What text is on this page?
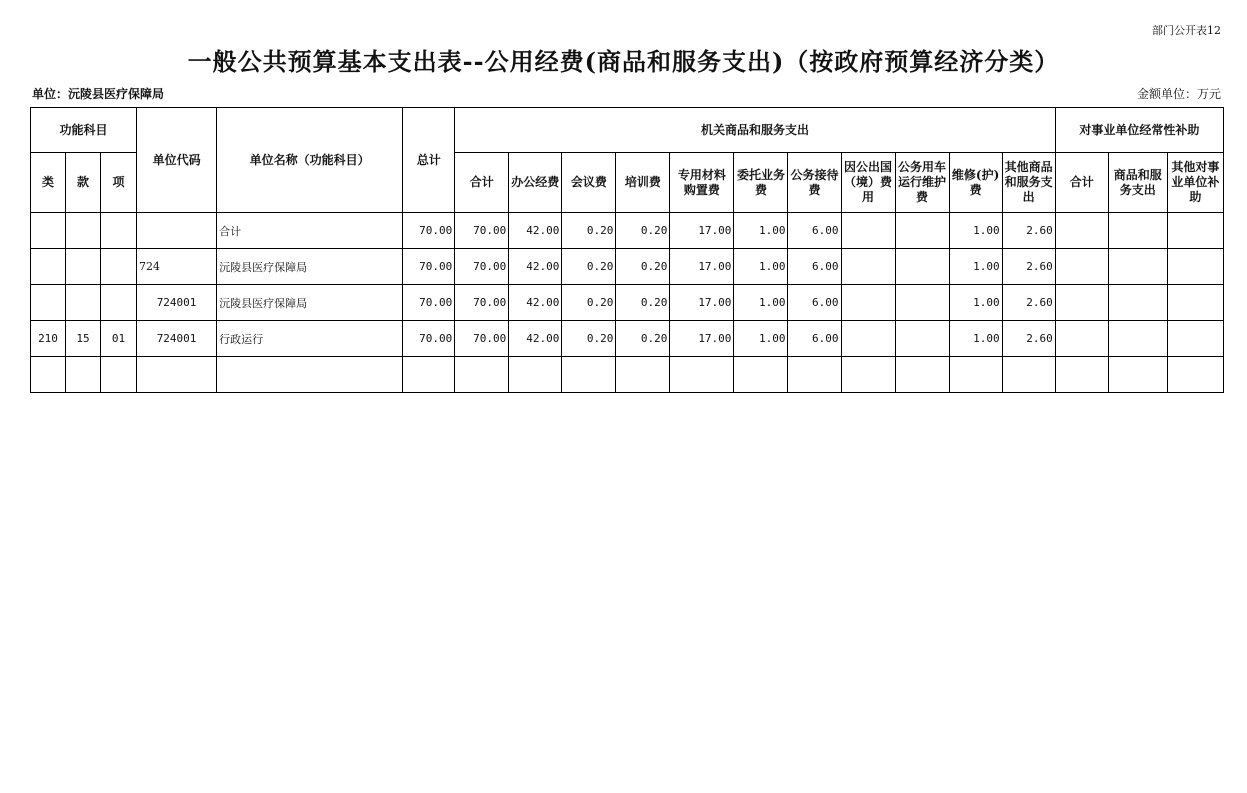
部门公开表12
一般公共预算基本支出表--公用经费(商品和服务支出)（按政府预算经济分类）
单位：沅陵县医疗保障局	金额单位：万元
功能科目			单位代码	单位名称（功能科目）	总计	机关商品和服务支出											对事业单位经常性补助		
类	款	项				合计	办公经费	会议费	培训费	专用材料购置费	委托业务费	公务接待费	因公出国（境）费用	公务用车运行维护费	维修(护)费	其他商品和服务支出	合计	商品和服务支出	其他对事业单位补助
				合计	70.00	70.00	42.00	0.20	0.20	17.00	1.00	6.00			1.00	2.60			
			724	沅陵县医疗保障局	70.00	70.00	42.00	0.20	0.20	17.00	1.00	6.00			1.00	2.60			
			724001	沅陵县医疗保障局	70.00	70.00	42.00	0.20	0.20	17.00	1.00	6.00			1.00	2.60			
210	15	01	724001	行政运行	70.00	70.00	42.00	0.20	0.20	17.00	1.00	6.00			1.00	2.60			
